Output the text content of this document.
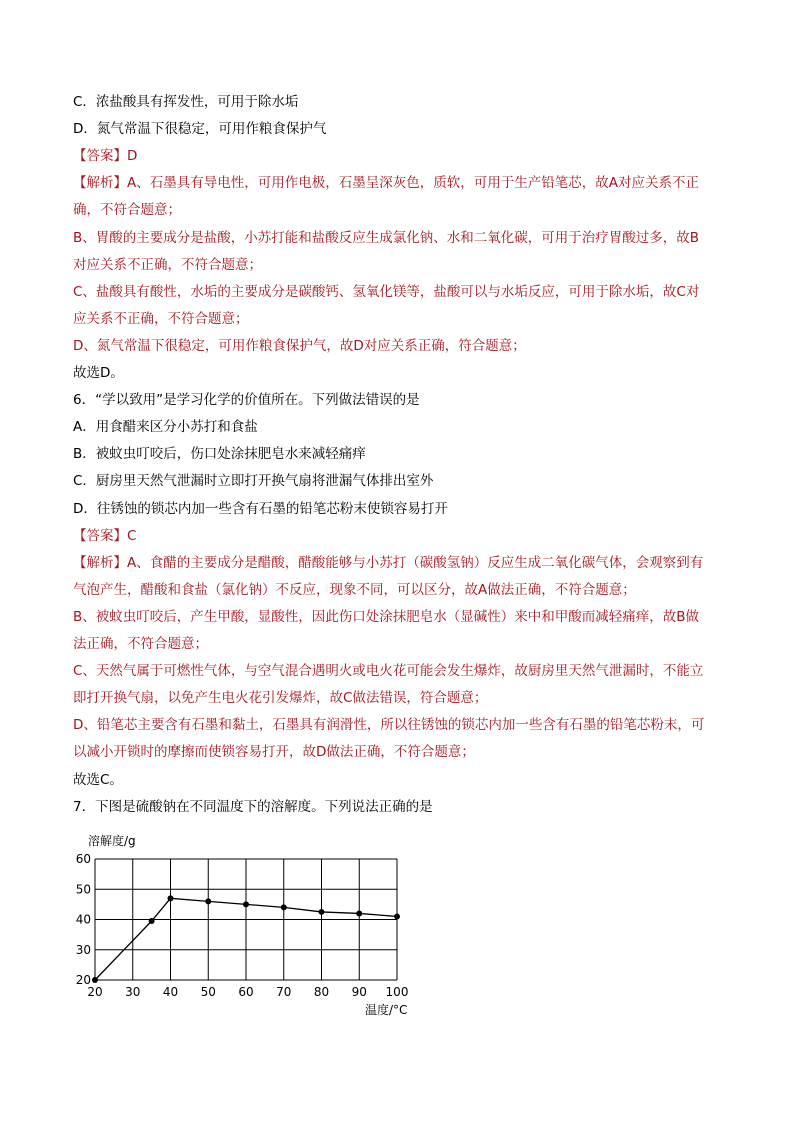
C．浓盐酸具有挥发性，可用于除水垢
D．氮气常温下很稳定，可用作粮食保护气
【答案】D
【解析】A、石墨具有导电性，可用作电极，石墨呈深灰色，质软，可用于生产铅笔芯，故A对应关系不正
确，不符合题意；
B、胃酸的主要成分是盐酸，小苏打能和盐酸反应生成氯化钠、水和二氧化碳，可用于治疗胃酸过多，故B
对应关系不正确，不符合题意；
C、盐酸具有酸性，水垢的主要成分是碳酸钙、氢氧化镁等，盐酸可以与水垢反应，可用于除水垢，故C对
应关系不正确，不符合题意；
D、氮气常温下很稳定，可用作粮食保护气，故D对应关系正确，符合题意；
故选D。
6．“学以致用”是学习化学的价值所在。下列做法错误的是
A．用食醋来区分小苏打和食盐
B．被蚊虫叮咬后，伤口处涂抹肥皂水来减轻痛痒
C．厨房里天然气泄漏时立即打开换气扇将泄漏气体排出室外
D．往锈蚀的锁芯内加一些含有石墨的铅笔芯粉末使锁容易打开
【答案】C
【解析】A、食醋的主要成分是醋酸，醋酸能够与小苏打（碳酸氢钠）反应生成二氧化碳气体，会观察到有
气泡产生，醋酸和食盐（氯化钠）不反应，现象不同，可以区分，故A做法正确，不符合题意；
B、被蚊虫叮咬后，产生甲酸，显酸性，因此伤口处涂抹肥皂水（显碱性）来中和甲酸而减轻痛痒，故B做
法正确，不符合题意；
C、天然气属于可燃性气体，与空气混合遇明火或电火花可能会发生爆炸，故厨房里天然气泄漏时，不能立
即打开换气扇，以免产生电火花引发爆炸，故C做法错误，符合题意；
D、铅笔芯主要含有石墨和黏土，石墨具有润滑性，所以往锈蚀的锁芯内加一些含有石墨的铅笔芯粉末，可
以减小开锁时的摩擦而使锁容易打开，故D做法正确，不符合题意；
故选C。
7．下图是硫酸钠在不同温度下的溶解度。下列说法正确的是
溶解度/g
温度/°C
20 30 40 50 60 70 80 90 100
20
30
40
50
60
